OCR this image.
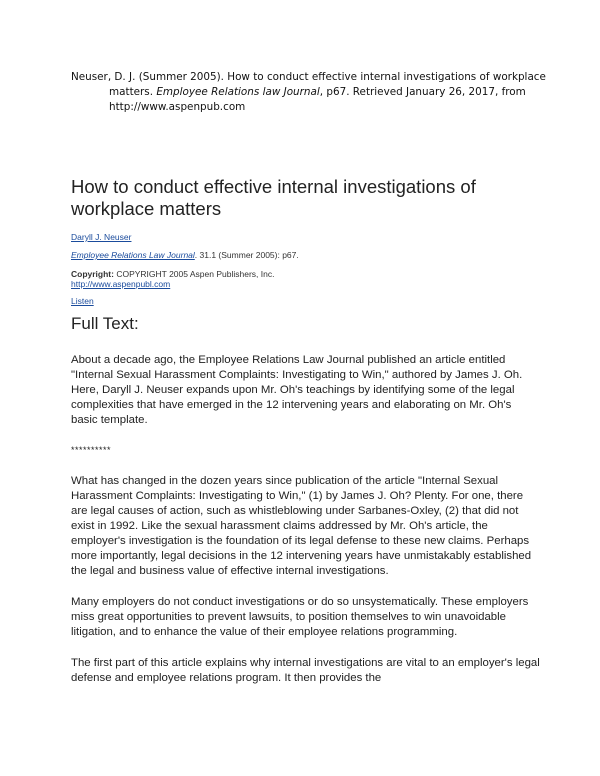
Neuser, D. J. (Summer 2005). How to conduct effective internal investigations of workplace matters. Employee Relations law Journal, p67. Retrieved January 26, 2017, from http://www.aspenpub.com
How to conduct effective internal investigations of workplace matters
Daryll J. Neuser
Employee Relations Law Journal. 31.1 (Summer 2005): p67.
Copyright: COPYRIGHT 2005 Aspen Publishers, Inc.
http://www.aspenpubl.com
Listen
Full Text:

About a decade ago, the Employee Relations Law Journal published an article entitled "Internal Sexual Harassment Complaints: Investigating to Win," authored by James J. Oh. Here, Daryll J. Neuser expands upon Mr. Oh's teachings by identifying some of the legal complexities that have emerged in the 12 intervening years and elaborating on Mr. Oh's basic template.

**********

What has changed in the dozen years since publication of the article "Internal Sexual Harassment Complaints: Investigating to Win," (1) by James J. Oh? Plenty. For one, there are legal causes of action, such as whistleblowing under Sarbanes-Oxley, (2) that did not exist in 1992. Like the sexual harassment claims addressed by Mr. Oh's article, the employer's investigation is the foundation of its legal defense to these new claims. Perhaps more importantly, legal decisions in the 12 intervening years have unmistakably established the legal and business value of effective internal investigations.

Many employers do not conduct investigations or do so unsystematically. These employers miss great opportunities to prevent lawsuits, to position themselves to win unavoidable litigation, and to enhance the value of their employee relations programming.

The first part of this article explains why internal investigations are vital to an employer's legal defense and employee relations program. It then provides the
